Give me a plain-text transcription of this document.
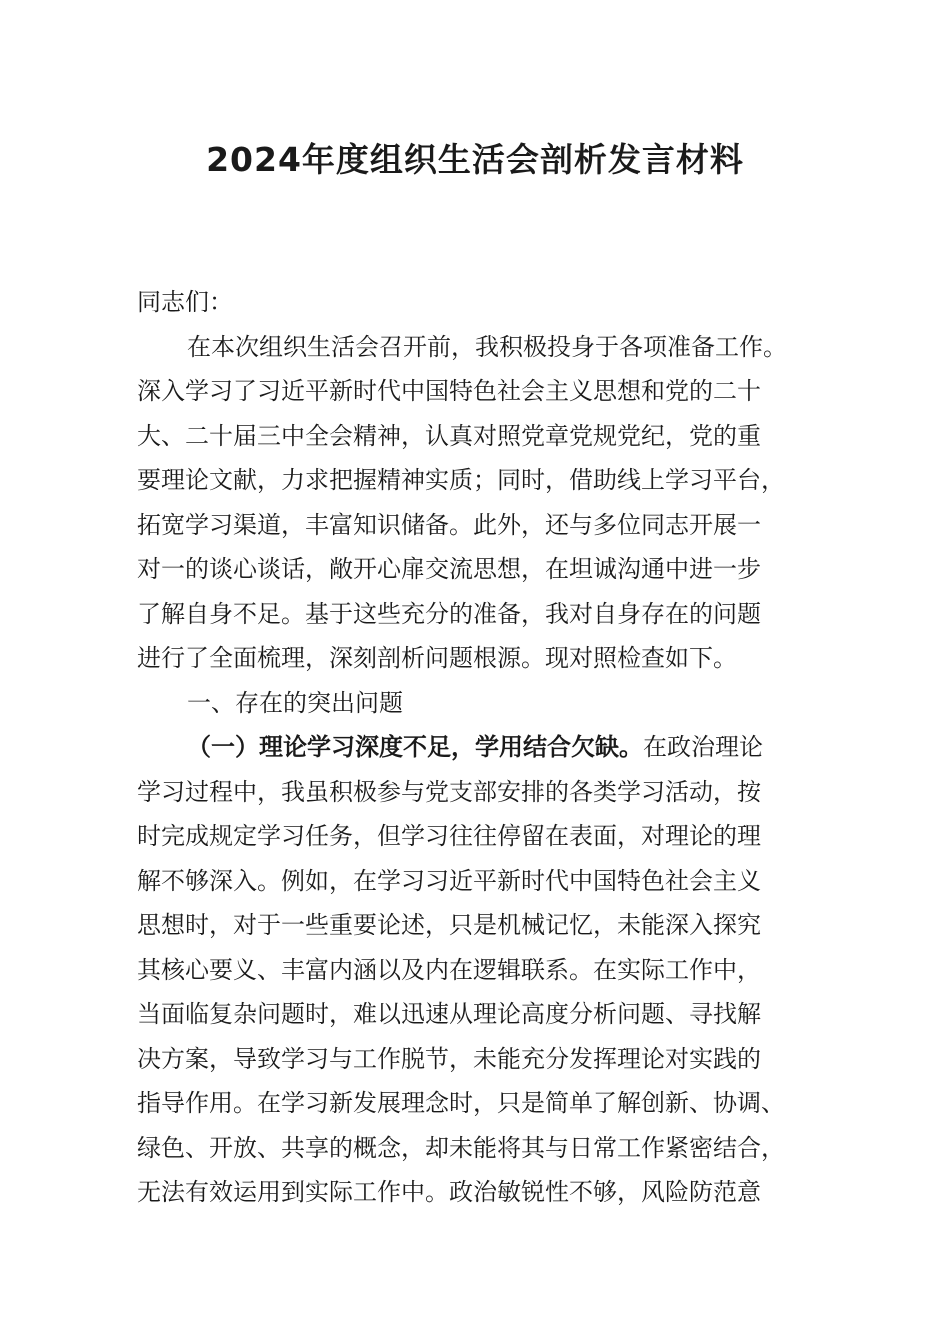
2024年度组织生活会剖析发言材料

同志们：

在本次组织生活会召开前，我积极投身于各项准备工作。

深入学习了习近平新时代中国特色社会主义思想和党的二十

大、二十届三中全会精神，认真对照党章党规党纪，党的重

要理论文献，力求把握精神实质；同时，借助线上学习平台，

拓宽学习渠道，丰富知识储备。此外，还与多位同志开展一

对一的谈心谈话，敞开心扉交流思想，在坦诚沟通中进一步

了解自身不足。基于这些充分的准备，我对自身存在的问题

进行了全面梳理，深刻剖析问题根源。现对照检查如下。

一、存在的突出问题

（一）理论学习深度不足，学用结合欠缺。在政治理论

学习过程中，我虽积极参与党支部安排的各类学习活动，按

时完成规定学习任务，但学习往往停留在表面，对理论的理

解不够深入。例如，在学习习近平新时代中国特色社会主义

思想时，对于一些重要论述，只是机械记忆，未能深入探究

其核心要义、丰富内涵以及内在逻辑联系。在实际工作中，

当面临复杂问题时，难以迅速从理论高度分析问题、寻找解

决方案，导致学习与工作脱节，未能充分发挥理论对实践的

指导作用。在学习新发展理念时，只是简单了解创新、协调、

绿色、开放、共享的概念，却未能将其与日常工作紧密结合，

无法有效运用到实际工作中。政治敏锐性不够，风险防范意
